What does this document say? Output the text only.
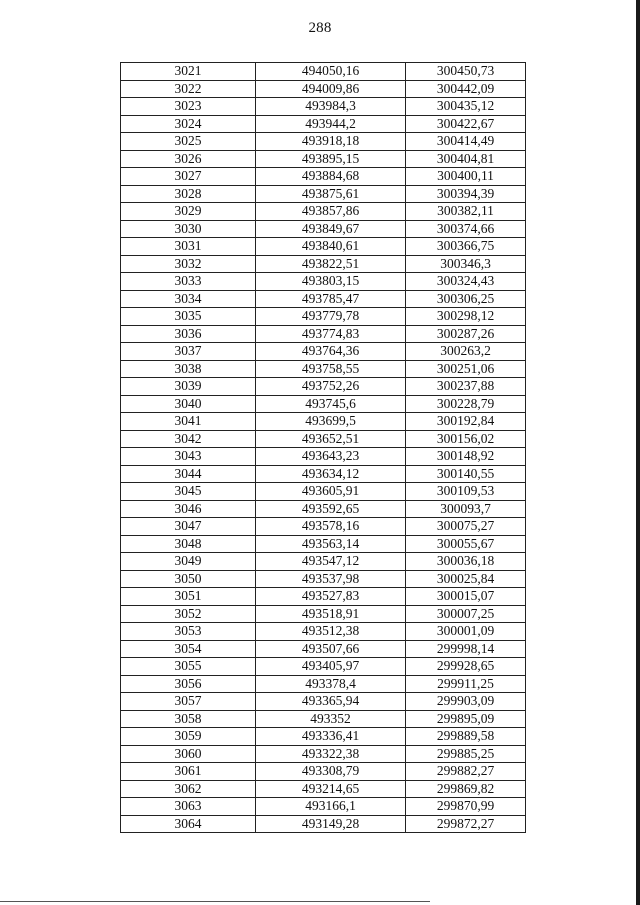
288
3021	494050,16	300450,73
3022	494009,86	300442,09
3023	493984,3	300435,12
3024	493944,2	300422,67
3025	493918,18	300414,49
3026	493895,15	300404,81
3027	493884,68	300400,11
3028	493875,61	300394,39
3029	493857,86	300382,11
3030	493849,67	300374,66
3031	493840,61	300366,75
3032	493822,51	300346,3
3033	493803,15	300324,43
3034	493785,47	300306,25
3035	493779,78	300298,12
3036	493774,83	300287,26
3037	493764,36	300263,2
3038	493758,55	300251,06
3039	493752,26	300237,88
3040	493745,6	300228,79
3041	493699,5	300192,84
3042	493652,51	300156,02
3043	493643,23	300148,92
3044	493634,12	300140,55
3045	493605,91	300109,53
3046	493592,65	300093,7
3047	493578,16	300075,27
3048	493563,14	300055,67
3049	493547,12	300036,18
3050	493537,98	300025,84
3051	493527,83	300015,07
3052	493518,91	300007,25
3053	493512,38	300001,09
3054	493507,66	299998,14
3055	493405,97	299928,65
3056	493378,4	299911,25
3057	493365,94	299903,09
3058	493352	299895,09
3059	493336,41	299889,58
3060	493322,38	299885,25
3061	493308,79	299882,27
3062	493214,65	299869,82
3063	493166,1	299870,99
3064	493149,28	299872,27
